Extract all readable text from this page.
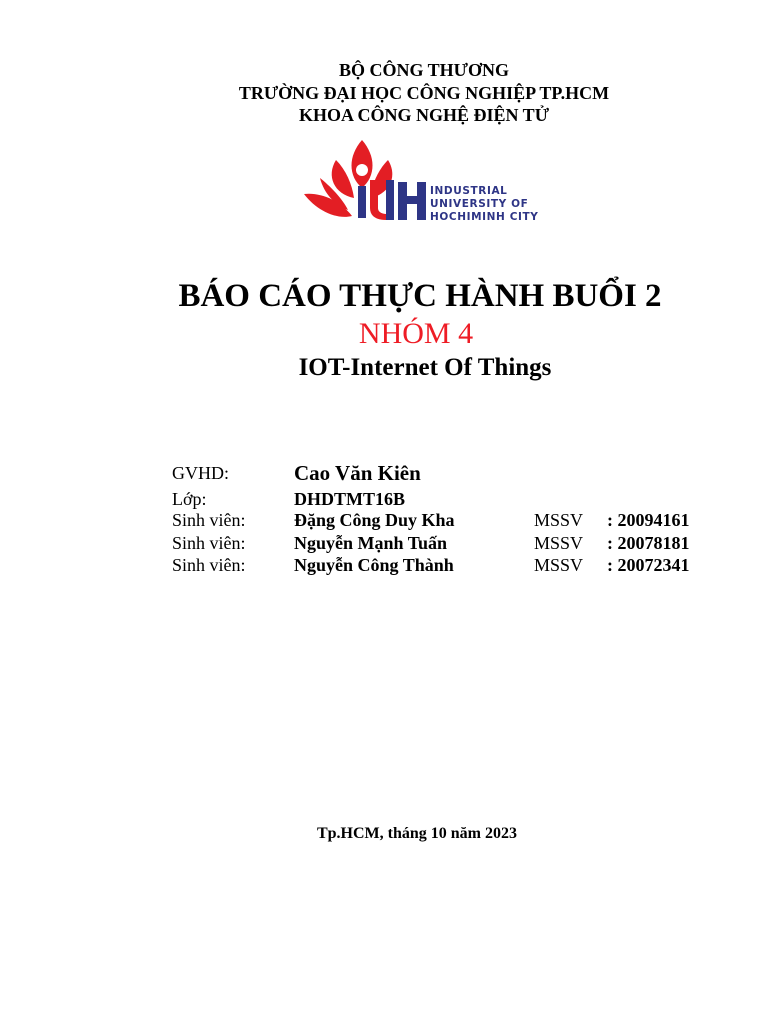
BỘ CÔNG THƯƠNG
TRƯỜNG ĐẠI HỌC CÔNG NGHIỆP TP.HCM
KHOA CÔNG NGHỆ ĐIỆN TỬ
INDUSTRIAL
UNIVERSITY OF
HOCHIMINH CITY
BÁO CÁO THỰC HÀNH BUỔI 2
NHÓM 4
IOT-Internet Of Things
GVHD:	Cao Văn Kiên
Lớp:	DHDTMT16B
Sinh viên:	Đặng Công Duy Kha	MSSV : 20094161
Sinh viên:	Nguyễn Mạnh Tuấn	MSSV : 20078181
Sinh viên:	Nguyễn Công Thành	MSSV : 20072341
Tp.HCM, tháng 10 năm 2023
